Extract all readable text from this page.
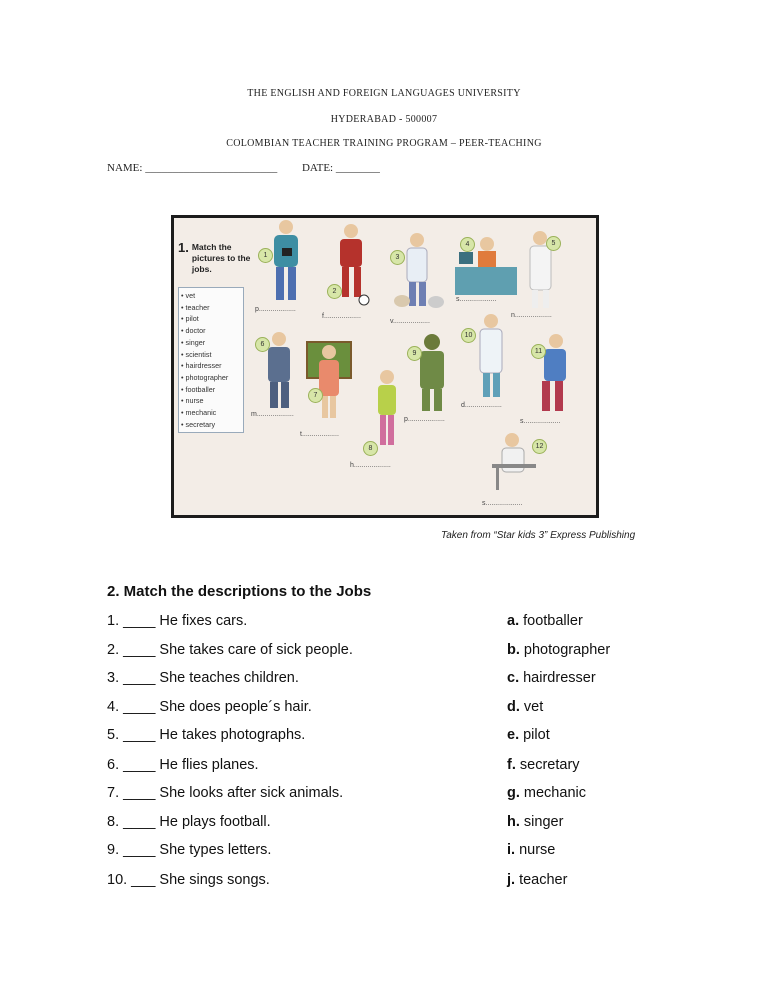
THE ENGLISH AND FOREIGN LANGUAGES UNIVERSITY
HYDERABAD - 500007
COLOMBIAN TEACHER TRAINING PROGRAM – PEER-TEACHING
NAME: ________________________ DATE: ________
1. Match the pictures to the jobs.
• vet
• teacher
• pilot
• doctor
• singer
• scientist
• hairdresser
• photographer
• footballer
• nurse
• mechanic
• secretary
1
2
3
4	5
6
7
8
9
10
11
12
p...................
f...................
v...................
s...................
n...................
m...................
t...................
h...................
p...................
d...................
s...................
s...................
Taken from “Star kids 3” Express Publishing
2. Match the descriptions to the Jobs
1. ____ He fixes cars.	a. footballer
2. ____ She takes care of sick people.	b. photographer
3. ____ She teaches children.	c. hairdresser
4. ____ She does people´s hair.	d. vet
5. ____ He takes photographs.	e. pilot
6. ____ He flies planes.	f. secretary
7. ____ She looks after sick animals.	g. mechanic
8. ____ He plays football.	h. singer
9. ____ She types letters.	i. nurse
10. ___ She sings songs.	j. teacher
